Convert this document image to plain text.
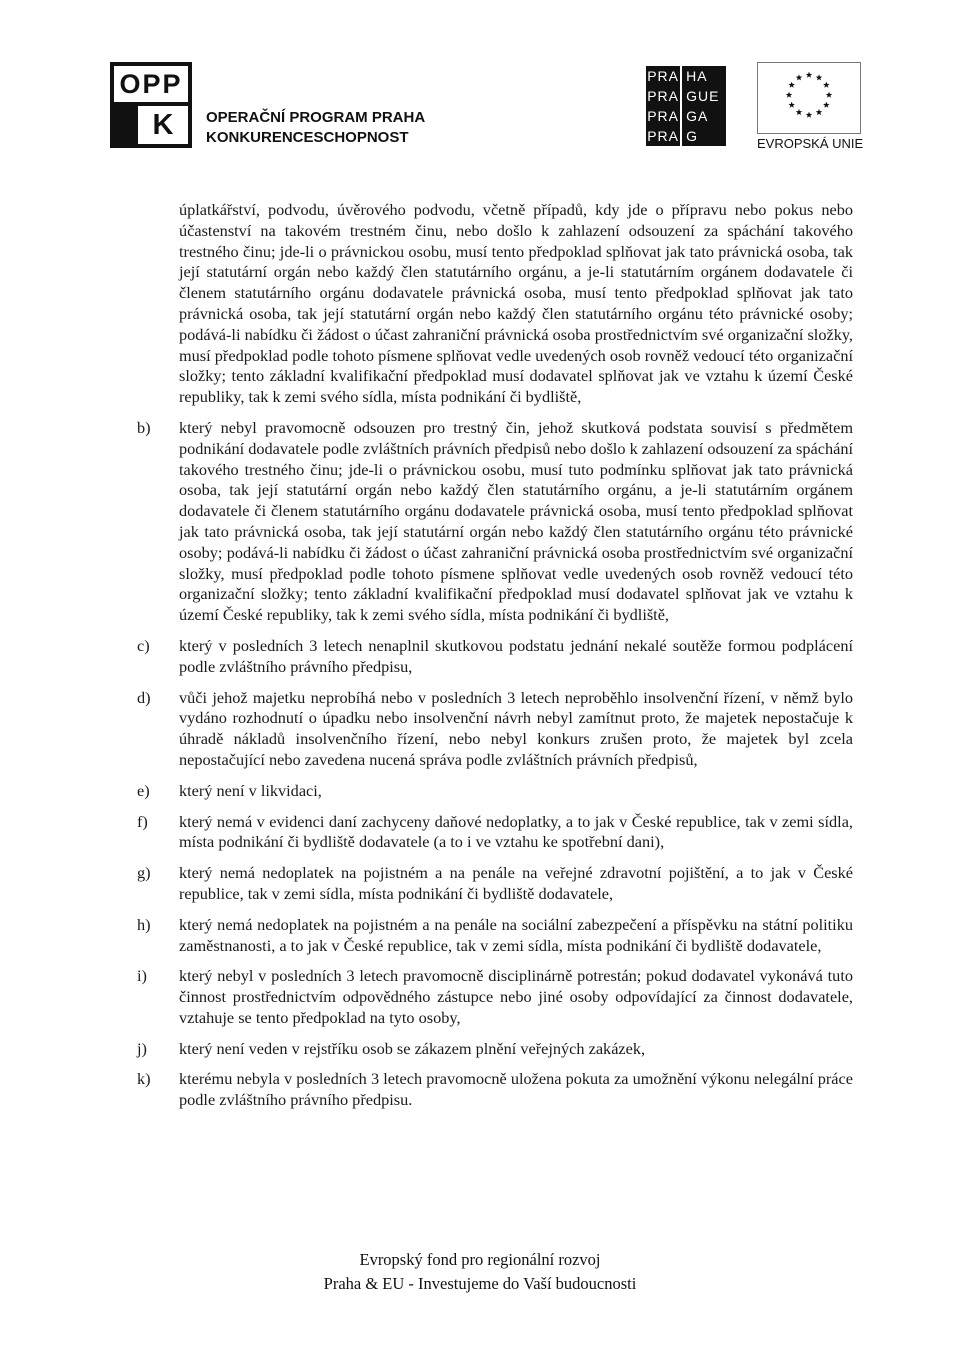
OPP
K	OPERAČNÍ PROGRAM PRAHA
KONKURENCESCHOPNOST
PRA HA
PRA GUE
PRA GA
PRA G	EVROPSKÁ UNIE
úplatkářství, podvodu, úvěrového podvodu, včetně případů, kdy jde o přípravu nebo pokus nebo účastenství na takovém trestném činu, nebo došlo k zahlazení odsouzení za spáchání takového trestného činu; jde-li o právnickou osobu, musí tento předpoklad splňovat jak tato právnická osoba, tak její statutární orgán nebo každý člen statutárního orgánu, a je-li statutárním orgánem dodavatele či členem statutárního orgánu dodavatele právnická osoba, musí tento předpoklad splňovat jak tato právnická osoba, tak její statutární orgán nebo každý člen statutárního orgánu této právnické osoby; podává-li nabídku či žádost o účast zahraniční právnická osoba prostřednictvím své organizační složky, musí předpoklad podle tohoto písmene splňovat vedle uvedených osob rovněž vedoucí této organizační složky; tento základní kvalifikační předpoklad musí dodavatel splňovat jak ve vztahu k území České republiky, tak k zemi svého sídla, místa podnikání či bydliště,
b)	který nebyl pravomocně odsouzen pro trestný čin, jehož skutková podstata souvisí s předmětem podnikání dodavatele podle zvláštních právních předpisů nebo došlo k zahlazení odsouzení za spáchání takového trestného činu; jde-li o právnickou osobu, musí tuto podmínku splňovat jak tato právnická osoba, tak její statutární orgán nebo každý člen statutárního orgánu, a je-li statutárním orgánem dodavatele či členem statutárního orgánu dodavatele právnická osoba, musí tento předpoklad splňovat jak tato právnická osoba, tak její statutární orgán nebo každý člen statutárního orgánu této právnické osoby; podává-li nabídku či žádost o účast zahraniční právnická osoba prostřednictvím své organizační složky, musí předpoklad podle tohoto písmene splňovat vedle uvedených osob rovněž vedoucí této organizační složky; tento základní kvalifikační předpoklad musí dodavatel splňovat jak ve vztahu k území České republiky, tak k zemi svého sídla, místa podnikání či bydliště,
c)	který v posledních 3 letech nenaplnil skutkovou podstatu jednání nekalé soutěže formou podplácení podle zvláštního právního předpisu,
d)	vůči jehož majetku neprobíhá nebo v posledních 3 letech neproběhlo insolvenční řízení, v němž bylo vydáno rozhodnutí o úpadku nebo insolvenční návrh nebyl zamítnut proto, že majetek nepostačuje k úhradě nákladů insolvenčního řízení, nebo nebyl konkurs zrušen proto, že majetek byl zcela nepostačující nebo zavedena nucená správa podle zvláštních právních předpisů,
e)	který není v likvidaci,
f)	který nemá v evidenci daní zachyceny daňové nedoplatky, a to jak v České republice, tak v zemi sídla, místa podnikání či bydliště dodavatele (a to i ve vztahu ke spotřební dani),
g)	který nemá nedoplatek na pojistném a na penále na veřejné zdravotní pojištění, a to jak v České republice, tak v zemi sídla, místa podnikání či bydliště dodavatele,
h)	který nemá nedoplatek na pojistném a na penále na sociální zabezpečení a příspěvku na státní politiku zaměstnanosti, a to jak v České republice, tak v zemi sídla, místa podnikání či bydliště dodavatele,
i)	který nebyl v posledních 3 letech pravomocně disciplinárně potrestán; pokud dodavatel vykonává tuto činnost prostřednictvím odpovědného zástupce nebo jiné osoby odpovídající za činnost dodavatele, vztahuje se tento předpoklad na tyto osoby,
j)	který není veden v rejstříku osob se zákazem plnění veřejných zakázek,
k)	kterému nebyla v posledních 3 letech pravomocně uložena pokuta za umožnění výkonu nelegální práce podle zvláštního právního předpisu.
Evropský fond pro regionální rozvoj
Praha & EU - Investujeme do Vaší budoucnosti
